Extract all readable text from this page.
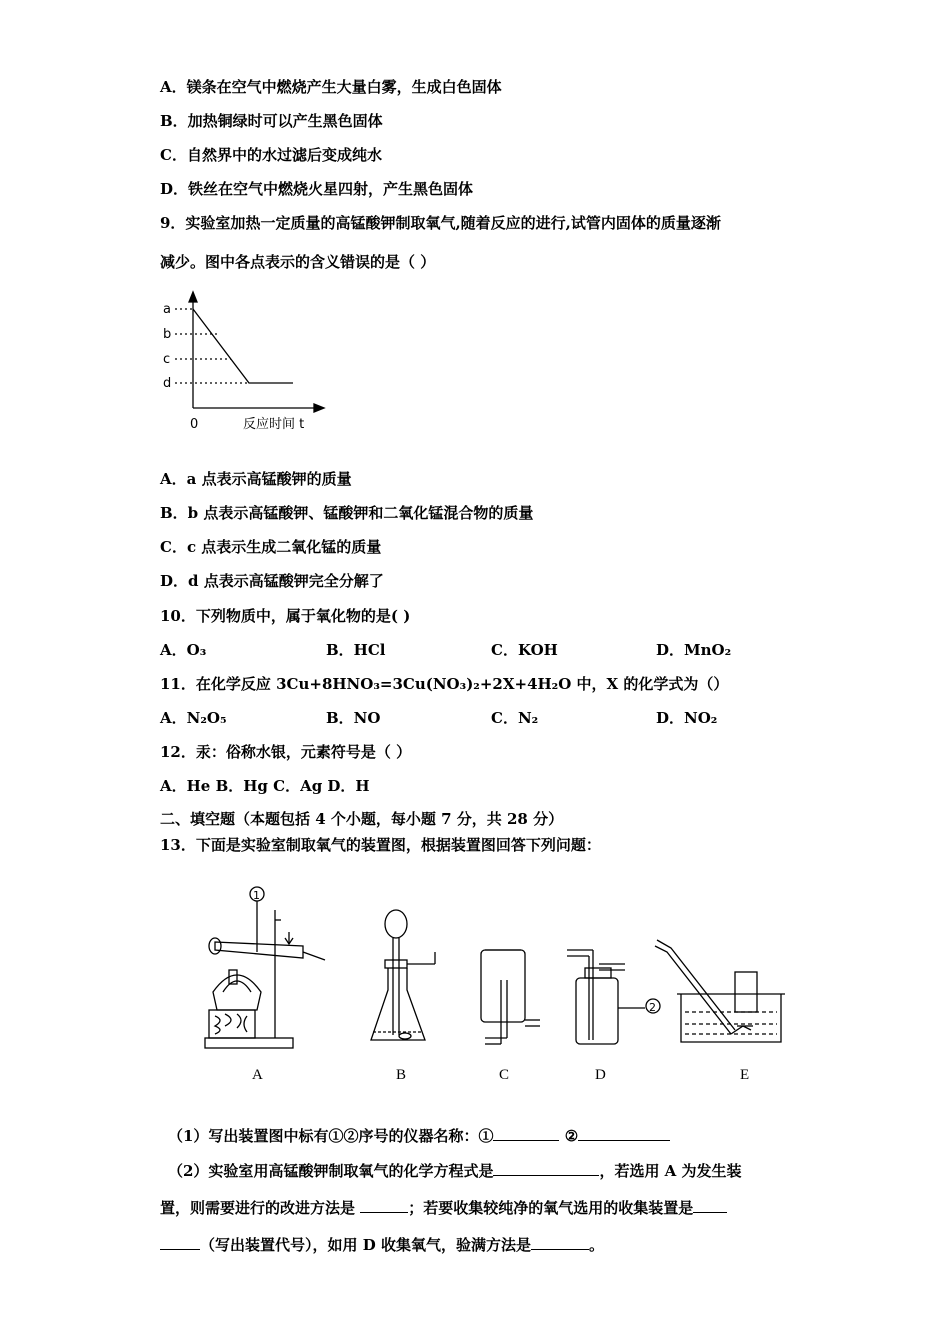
A．镁条在空气中燃烧产生大量白雾，生成白色固体
B．加热铜绿时可以产生黑色固体
C．自然界中的水过滤后变成纯水
D．铁丝在空气中燃烧火星四射，产生黑色固体
9．实验室加热一定质量的高锰酸钾制取氧气,随着反应的进行,试管内固体的质量逐渐
减少。图中各点表示的含义错误的是（ ）
a
b
c
d
0	反应时间 t
A．a 点表示高锰酸钾的质量
B．b 点表示高锰酸钾、锰酸钾和二氧化锰混合物的质量
C．c 点表示生成二氧化锰的质量
D．d 点表示高锰酸钾完全分解了
10．下列物质中，属于氧化物的是( )
A．O₃	B．HCl	C．KOH	D．MnO₂
11．在化学反应 3Cu+8HNO₃=3Cu(NO₃)₂+2X+4H₂O 中，X 的化学式为（）
A．N₂O₅	B．NO	C．N₂	D．NO₂
12．汞：俗称水银，元素符号是（ ）
A．He B．Hg C．Ag D．H
二、填空题（本题包括 4 个小题，每小题 7 分，共 28 分）
13．下面是实验室制取氧气的装置图，根据装置图回答下列问题：
1
2
A	B	C	D	E
（1）写出装置图中标有①②序号的仪器名称：①	②
（2）实验室用高锰酸钾制取氧气的化学方程式是	，若选用 A 为发生装
置，则需要进行的改进方法是	；若要收集较纯净的氧气选用的收集装置是
（写出装置代号），如用 D 收集氧气，验满方法是	。
